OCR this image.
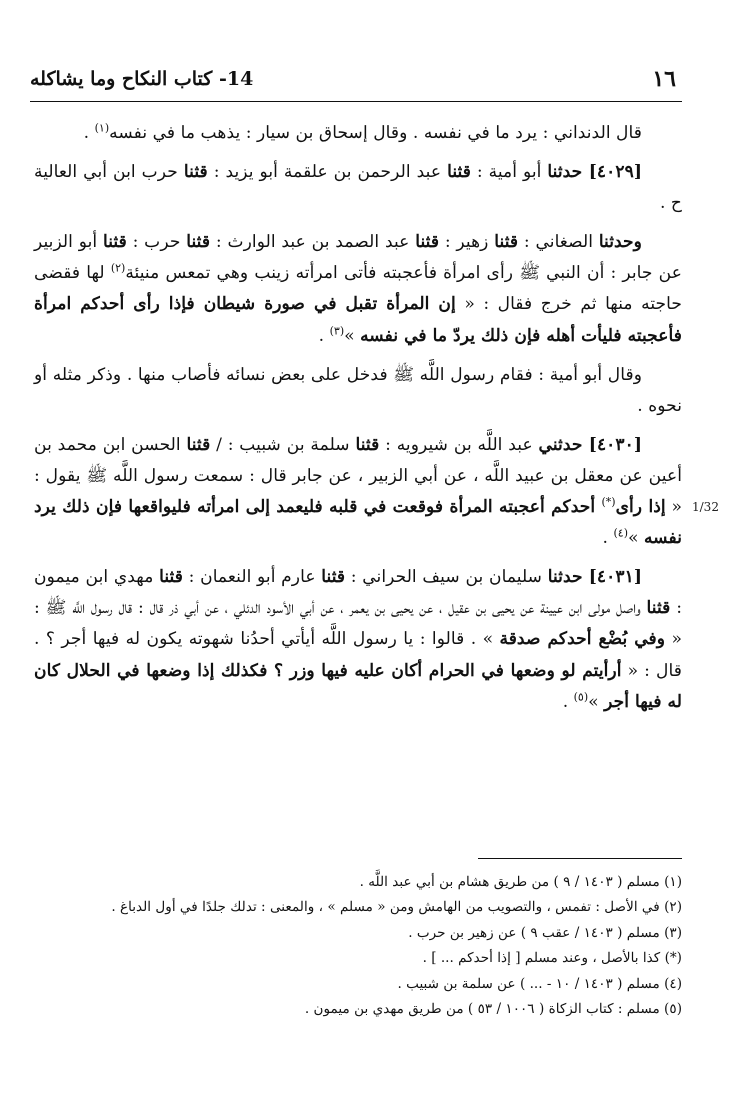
١٦
14- كتاب النكاح وما يشاكله
1/32

قال الدنداني : يرد ما في نفسه . وقال إسحاق بن سيار : يذهب ما في نفسه$^{(١)}$ .

[٤٠٢٩] حدثنا أبو أمية : قثنا عبد الرحمن بن علقمة أبو يزيد : قثنا حرب ابن أبي العالية ح .

وحدثنا الصغاني : قثنا زهير : قثنا عبد الصمد بن عبد الوارث : قثنا حرب : قثنا أبو الزبير عن جابر : أن النبي ﷺ رأى امرأة فأعجبته فأتى امرأته زينب وهي تمعس منيئة$^{(٢)}$ لها فقضى حاجته منها ثم خرج فقال : « إن المرأة تقبل في صورة شيطان فإذا رأى أحدكم امرأة فأعجبته فليأت أهله فإن ذلك يردّ ما في نفسه »$^{(٣)}$ .

وقال أبو أمية : فقام رسول اللَّه ﷺ فدخل على بعض نسائه فأصاب منها . وذكر مثله أو نحوه .

[٤٠٣٠] حدثني عبد اللَّه بن شيرويه : قثنا سلمة بن شبيب : / قثنا الحسن ابن محمد بن أعين عن معقل بن عبيد اللَّه ، عن أبي الزبير ، عن جابر قال : سمعت رسول اللَّه ﷺ يقول : « إذا رأى(*) أحدكم أعجبته المرأة فوقعت في قلبه فليعمد إلى امرأته فليواقعها فإن ذلك يرد نفسه »$^{(٤)}$ .

[٤٠٣١] حدثنا سليمان بن سيف الحراني : قثنا عارم أبو النعمان : قثنا مهدي ابن ميمون : قثنا واصل مولى ابن عيينة عن يحيى بن عقيل ، عن يحيى بن يعمر ، عن أبي الأسود الدئلي ، عن أبي ذر قال : قال رسول اللَّه ﷺ : « وفي بُضْع أحدكم صدقة » . قالوا : يا رسول اللَّه أيأتي أحدُنا شهوته يكون له فيها أجر ؟ . قال : « أرأيتم لو وضعها في الحرام أكان عليه فيها وزر ؟ فكذلك إذا وضعها في الحلال كان له فيها أجر »$^{(٥)}$ .

(١) مسلم ( ١٤٠٣ / ٩ ) من طريق هشام بن أبي عبد اللَّه .

(٢) في الأصل : تفمس ، والتصويب من الهامش ومن « مسلم » ، والمعنى : تدلك جلدًا في أول الدباغ .

(٣) مسلم ( ١٤٠٣ / عقب ٩ ) عن زهير بن حرب .

(*) كذا بالأصل ، وعند مسلم [ إذا أحدكم ... ] .

(٤) مسلم ( ١٤٠٣ / ١٠ - ... ) عن سلمة بن شبيب .

(٥) مسلم : كتاب الزكاة ( ١٠٠٦ / ٥٣ ) من طريق مهدي بن ميمون .
